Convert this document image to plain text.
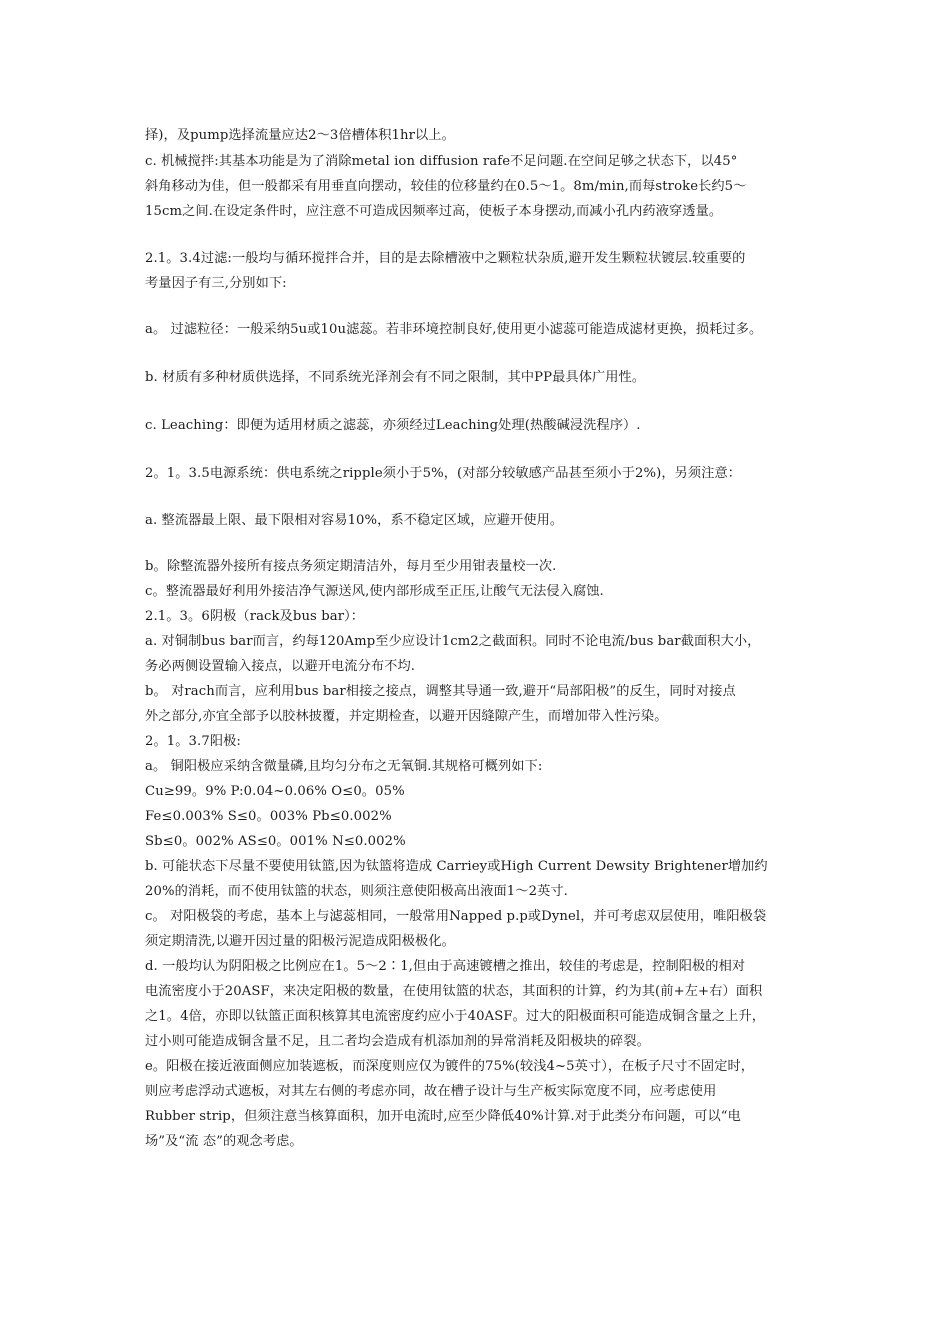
择)，及pump选择流量应达2～3倍槽体积1hr以上。
c. 机械搅拌:其基本功能是为了消除metal ion diffusion rafe不足问题.在空间足够之状态下，以45°
斜角移动为佳，但一般都采有用垂直向摆动，较佳的位移量约在0.5～1。8m/min,而每stroke长约5～
15cm之间.在设定条件时，应注意不可造成因频率过高，使板子本身摆动,而减小孔内药液穿透量。
2.1。3.4过滤:一般均与循环搅拌合并，目的是去除槽液中之颗粒状杂质,避开发生颗粒状镀层.较重要的
考量因子有三,分别如下:
a。 过滤粒径：一般采纳5u或10u滤蕊。若非环境控制良好,使用更小滤蕊可能造成滤材更换，损耗过多。
b. 材质有多种材质供选择，不同系统光泽剂会有不同之限制，其中PP最具体广用性。
c. Leaching：即便为适用材质之滤蕊，亦须经过Leaching处理(热酸碱浸洗程序）.
2。1。3.5电源系统：供电系统之ripple须小于5%，(对部分较敏感产品甚至须小于2%)，另须注意：
a. 整流器最上限、最下限相对容易10%，系不稳定区域，应避开使用。
b。除整流器外接所有接点务须定期清洁外，每月至少用钳表量校一次.
c。整流器最好利用外接洁净气源送风,使内部形成至正压,让酸气无法侵入腐蚀.
2.1。3。6阴极（rack及bus bar）：
a. 对铜制bus bar而言，约每120Amp至少应设计1cm2之截面积。同时不论电流/bus bar截面积大小，
务必两侧设置输入接点，以避开电流分布不均.
b。 对rach而言，应利用bus bar相接之接点，调整其导通一致,避开“局部阳极”的反生，同时对接点
外之部分,亦宜全部予以胶林披覆，并定期检查，以避开因缝隙产生，而增加带入性污染。
2。1。3.7阳极:
a。 铜阳极应采纳含微量磷,且均匀分布之无氧铜.其规格可概列如下:
Cu≥99。9% P:0.04~0.06% O≤0。05%
Fe≤0.003% S≤0。003% Pb≤0.002%
Sb≤0。002% AS≤0。001% N≤0.002%
b. 可能状态下尽量不要使用钛篮,因为钛篮将造成 Carriey或High Current Dewsity Brightener增加约
20%的消耗，而不使用钛篮的状态，则须注意使阳极高出液面1～2英寸.
c。 对阳极袋的考虑，基本上与滤蕊相同，一般常用Napped p.p或Dynel，并可考虑双层使用，唯阳极袋
须定期清洗,以避开因过量的阳极污泥造成阳极极化。
d. 一般均认为阴阳极之比例应在1。5～2∶1,但由于高速镀槽之推出，较佳的考虑是，控制阳极的相对
电流密度小于20ASF，来决定阳极的数量，在使用钛篮的状态，其面积的计算，约为其(前+左+右）面积
之1。4倍，亦即以钛篮正面积核算其电流密度约应小于40ASF。过大的阳极面积可能造成铜含量之上升，
过小则可能造成铜含量不足，且二者均会造成有机添加剂的异常消耗及阳极块的碎裂。
e。阳极在接近液面侧应加装遮板，而深度则应仅为镀件的75%(较浅4~5英寸），在板子尺寸不固定时，
则应考虑浮动式遮板，对其左右侧的考虑亦同，故在槽子设计与生产板实际宽度不同，应考虑使用
Rubber strip，但须注意当核算面积，加开电流时,应至少降低40%计算.对于此类分布问题，可以“电
场”及“流 态”的观念考虑。
